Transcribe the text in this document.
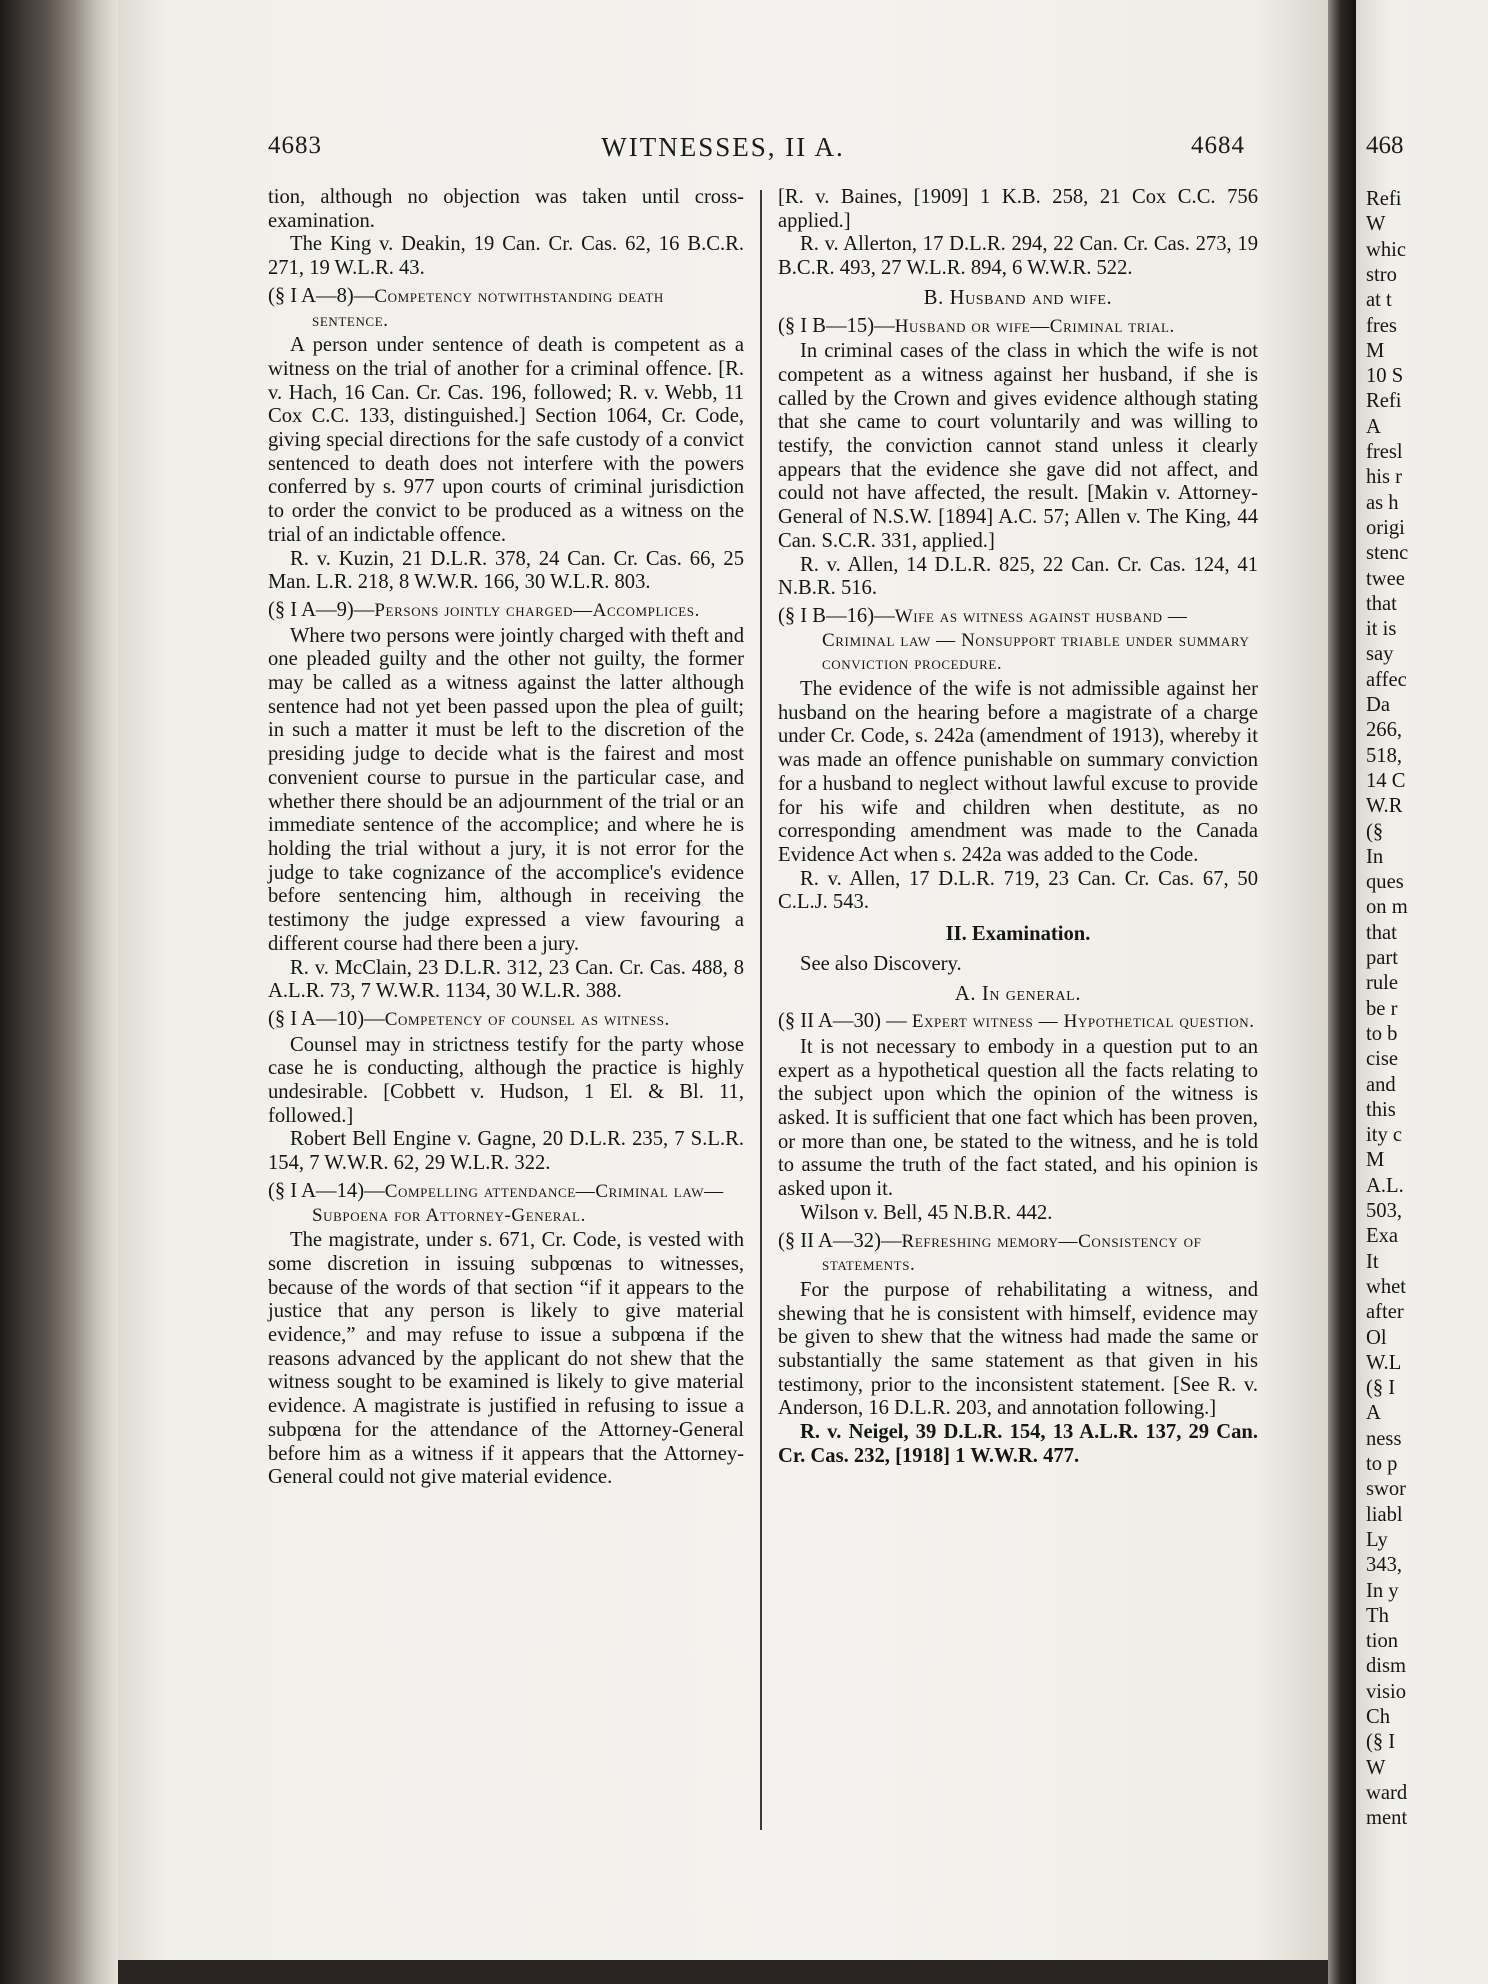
4683	WITNESSES, II A.	4684

tion, although no objection was taken until cross-examination.

The King v. Deakin, 19 Can. Cr. Cas. 62, 16 B.C.R. 271, 19 W.L.R. 43.

(§ I A—8)—Competency notwithstanding death sentence.

A person under sentence of death is competent as a witness on the trial of another for a criminal offence. [R. v. Hach, 16 Can. Cr. Cas. 196, followed; R. v. Webb, 11 Cox C.C. 133, distinguished.] Section 1064, Cr. Code, giving special directions for the safe custody of a convict sentenced to death does not interfere with the powers conferred by s. 977 upon courts of criminal jurisdiction to order the convict to be produced as a witness on the trial of an indictable offence.

R. v. Kuzin, 21 D.L.R. 378, 24 Can. Cr. Cas. 66, 25 Man. L.R. 218, 8 W.W.R. 166, 30 W.L.R. 803.

(§ I A—9)—Persons jointly charged—Accomplices.

Where two persons were jointly charged with theft and one pleaded guilty and the other not guilty, the former may be called as a witness against the latter although sentence had not yet been passed upon the plea of guilt; in such a matter it must be left to the discretion of the presiding judge to decide what is the fairest and most convenient course to pursue in the particular case, and whether there should be an adjournment of the trial or an immediate sentence of the accomplice; and where he is holding the trial without a jury, it is not error for the judge to take cognizance of the accomplice's evidence before sentencing him, although in receiving the testimony the judge expressed a view favouring a different course had there been a jury.

R. v. McClain, 23 D.L.R. 312, 23 Can. Cr. Cas. 488, 8 A.L.R. 73, 7 W.W.R. 1134, 30 W.L.R. 388.

(§ I A—10)—Competency of counsel as witness.

Counsel may in strictness testify for the party whose case he is conducting, although the practice is highly undesirable. [Cobbett v. Hudson, 1 El. & Bl. 11, followed.]

Robert Bell Engine v. Gagne, 20 D.L.R. 235, 7 S.L.R. 154, 7 W.W.R. 62, 29 W.L.R. 322.

(§ I A—14)—Compelling attendance—Criminal law—Subpoena for Attorney-General.

The magistrate, under s. 671, Cr. Code, is vested with some discretion in issuing subpœnas to witnesses, because of the words of that section “if it appears to the justice that any person is likely to give material evidence,” and may refuse to issue a subpœna if the reasons advanced by the applicant do not shew that the witness sought to be examined is likely to give material evidence. A magistrate is justified in refusing to issue a subpœna for the attendance of the Attorney-General before him as a witness if it appears that the Attorney-General could not give material evidence.

[R. v. Baines, [1909] 1 K.B. 258, 21 Cox C.C. 756 applied.]

R. v. Allerton, 17 D.L.R. 294, 22 Can. Cr. Cas. 273, 19 B.C.R. 493, 27 W.L.R. 894, 6 W.W.R. 522.

B. Husband and wife.

(§ I B—15)—Husband or wife—Criminal trial.

In criminal cases of the class in which the wife is not competent as a witness against her husband, if she is called by the Crown and gives evidence although stating that she came to court voluntarily and was willing to testify, the conviction cannot stand unless it clearly appears that the evidence she gave did not affect, and could not have affected, the result. [Makin v. Attorney-General of N.S.W. [1894] A.C. 57; Allen v. The King, 44 Can. S.C.R. 331, applied.]

R. v. Allen, 14 D.L.R. 825, 22 Can. Cr. Cas. 124, 41 N.B.R. 516.

(§ I B—16)—Wife as witness against husband — Criminal law — Nonsupport triable under summary conviction procedure.

The evidence of the wife is not admissible against her husband on the hearing before a magistrate of a charge under Cr. Code, s. 242a (amendment of 1913), whereby it was made an offence punishable on summary conviction for a husband to neglect without lawful excuse to provide for his wife and children when destitute, as no corresponding amendment was made to the Canada Evidence Act when s. 242a was added to the Code.

R. v. Allen, 17 D.L.R. 719, 23 Can. Cr. Cas. 67, 50 C.L.J. 543.

II. Examination.

See also Discovery.

A. In general.

(§ II A—30) — Expert witness — Hypothetical question.

It is not necessary to embody in a question put to an expert as a hypothetical question all the facts relating to the subject upon which the opinion of the witness is asked. It is sufficient that one fact which has been proven, or more than one, be stated to the witness, and he is told to assume the truth of the fact stated, and his opinion is asked upon it.

Wilson v. Bell, 45 N.B.R. 442.

(§ II A—32)—Refreshing memory—Consistency of statements.

For the purpose of rehabilitating a witness, and shewing that he is consistent with himself, evidence may be given to shew that the witness had made the same or substantially the same statement as that given in his testimony, prior to the inconsistent statement. [See R. v. Anderson, 16 D.L.R. 203, and annotation following.]

R. v. Neigel, 39 D.L.R. 154, 13 A.L.R. 137, 29 Can. Cr. Cas. 232, [1918] 1 W.W.R. 477.

468
Refi
W
whic
stro
at t
fres
M
10 S
Refi
A
fresl
his r
as h
origi
stenc
twee
that
it is
say
affec
Da
266,
518,
14 C
W.R
(§
In
ques
on m
that
part
rule
be r
to b
cise
and
this
ity c
M
A.L.
503,
Exa
It
whet
after
Ol
W.L
(§ I
A
ness
to p
swor
liabl
Ly
343,
In y
Th
tion
dism
visio
Ch
(§ I
W
ward
ment
